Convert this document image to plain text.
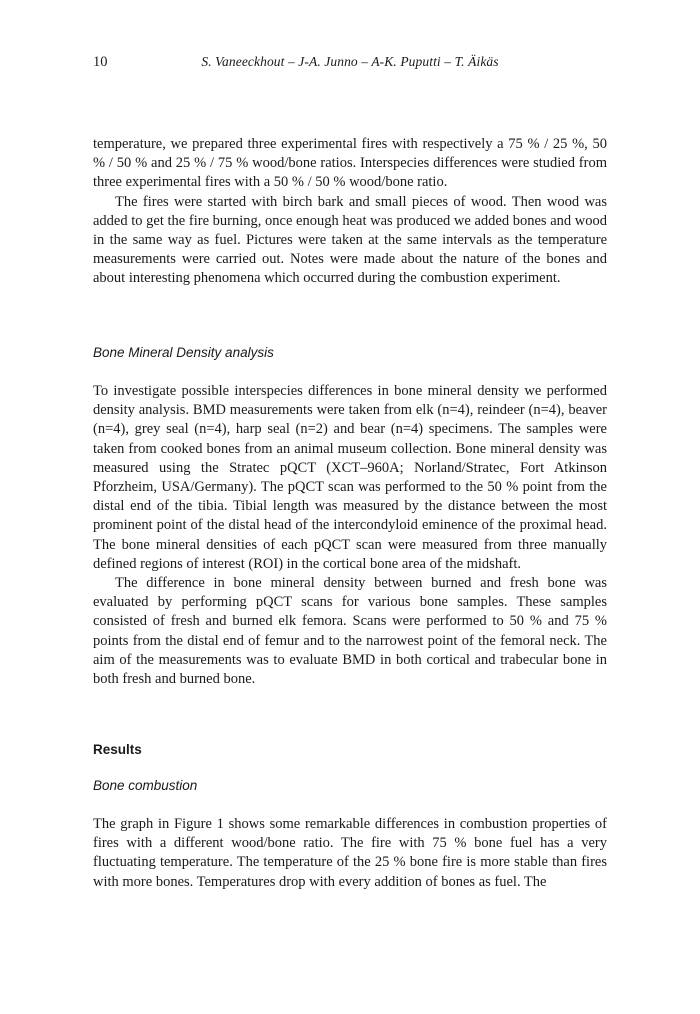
10	S. Vaneeckhout – J-A. Junno – A-K. Puputti – T. Äikäs

temperature, we prepared three experimental fires with respectively a 75 % / 25 %, 50 % / 50 % and 25 % / 75 % wood/bone ratios. Interspecies differences were studied from three experimental fires with a 50 % / 50 % wood/bone ratio.

The fires were started with birch bark and small pieces of wood. Then wood was added to get the fire burning, once enough heat was produced we added bones and wood in the same way as fuel. Pictures were taken at the same intervals as the temperature measurements were carried out. Notes were made about the nature of the bones and about interesting phenomena which occurred during the combustion experiment.

Bone Mineral Density analysis

To investigate possible interspecies differences in bone mineral density we performed density analysis. BMD measurements were taken from elk (n=4), reindeer (n=4), beaver (n=4), grey seal (n=4), harp seal (n=2) and bear (n=4) specimens. The samples were taken from cooked bones from an animal museum collection. Bone mineral density was measured using the Stratec pQCT (XCT–960A; Norland/Stratec, Fort Atkinson Pforzheim, USA/Germany). The pQCT scan was performed to the 50 % point from the distal end of the tibia. Tibial length was measured by the distance between the most prominent point of the distal head of the intercondyloid eminence of the proximal head. The bone mineral densities of each pQCT scan were measured from three manually defined regions of interest (ROI) in the cortical bone area of the midshaft.

The difference in bone mineral density between burned and fresh bone was evaluated by performing pQCT scans for various bone samples. These samples consisted of fresh and burned elk femora. Scans were performed to 50 % and 75 % points from the distal end of femur and to the narrowest point of the femoral neck. The aim of the measurements was to evaluate BMD in both cortical and trabecular bone in both fresh and burned bone.

Results
Bone combustion

The graph in Figure 1 shows some remarkable differences in combustion properties of fires with a different wood/bone ratio. The fire with 75 % bone fuel has a very fluctuating temperature. The temperature of the 25 % bone fire is more stable than fires with more bones. Temperatures drop with every addition of bones as fuel. The
